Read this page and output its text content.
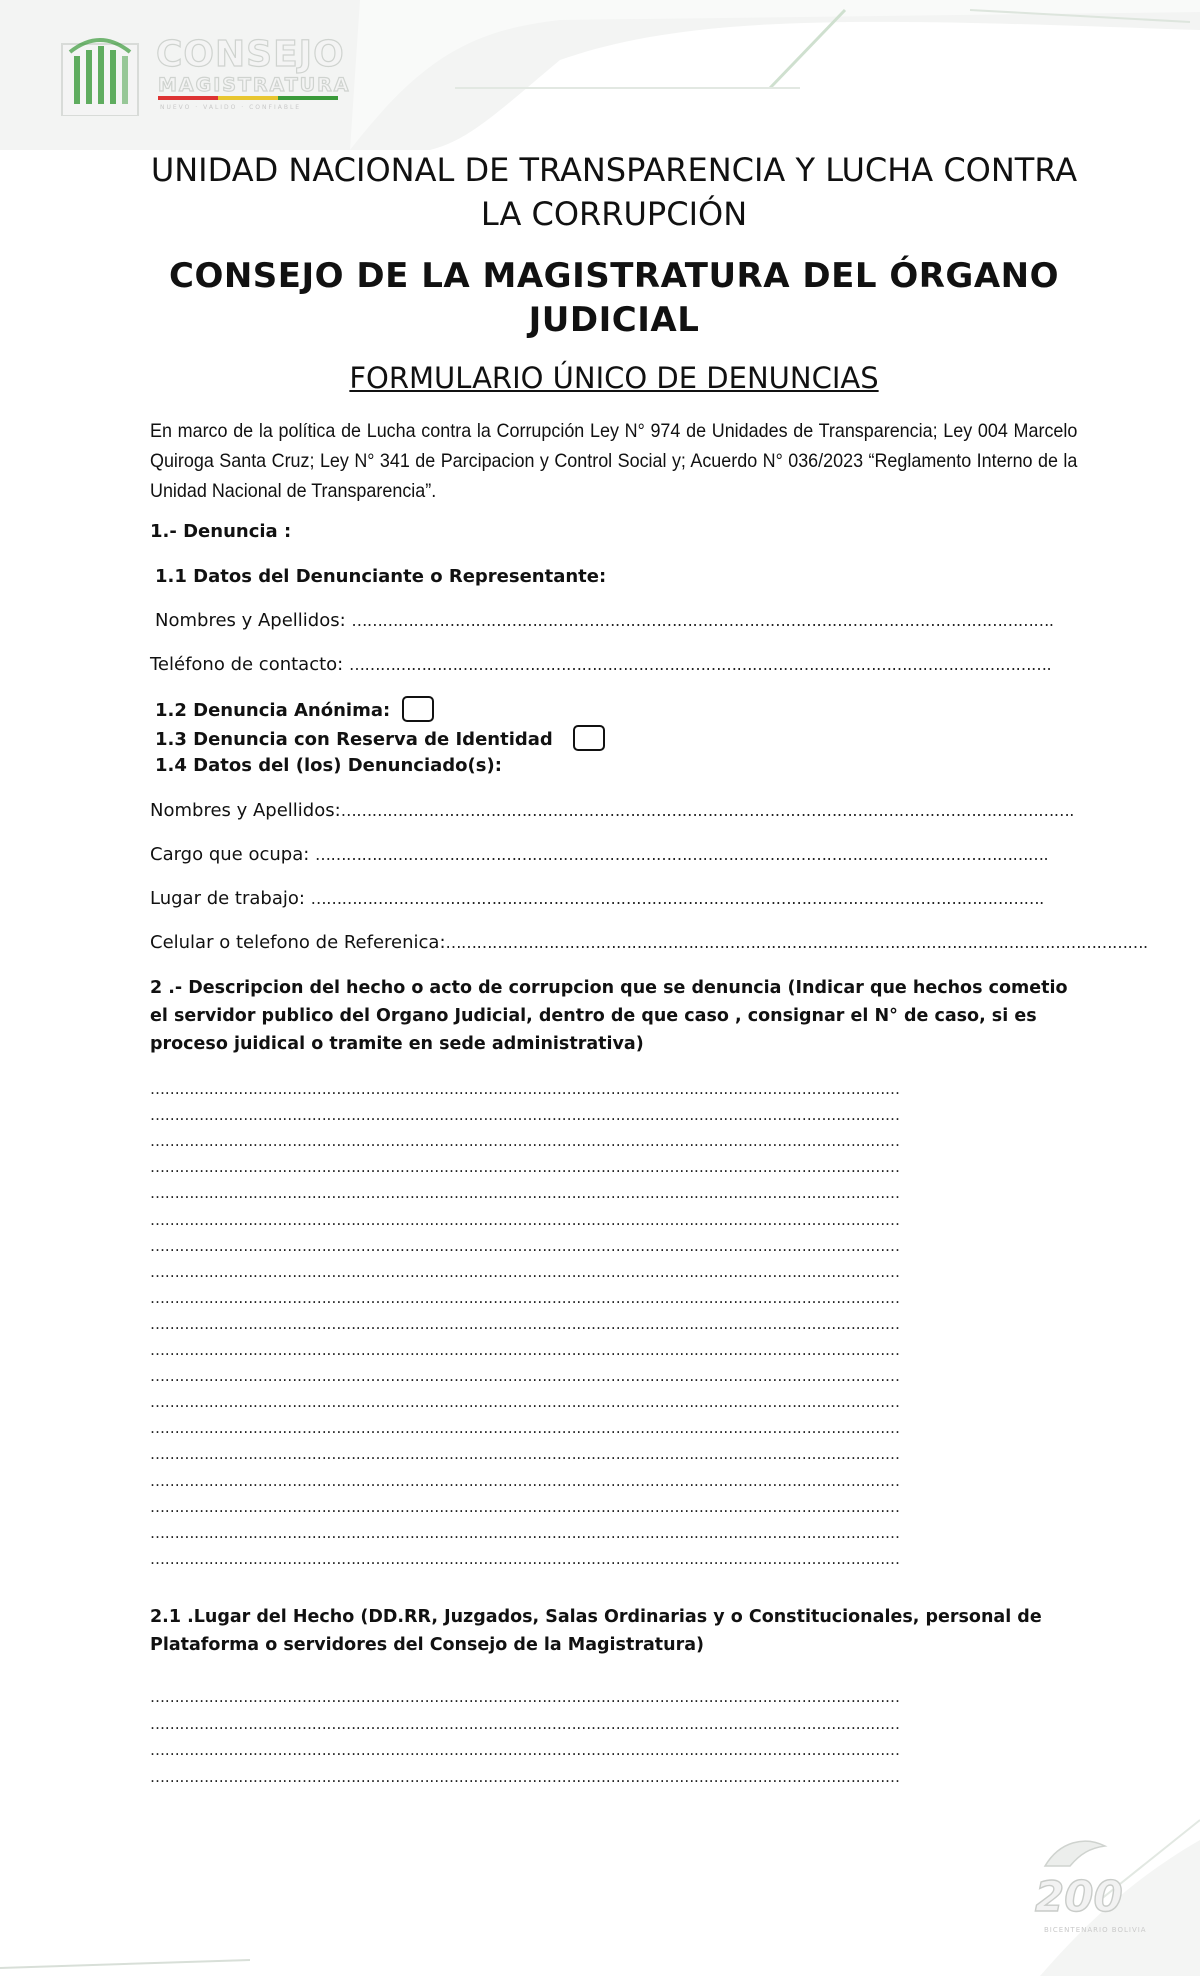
CONSEJO
MAGISTRATURA
NUEVO · VALIDO · CONFIABLE
UNIDAD NACIONAL DE TRANSPARENCIA Y LUCHA CONTRA LA CORRUPCIÓN
CONSEJO DE LA MAGISTRATURA DEL ÓRGANO JUDICIAL
FORMULARIO ÚNICO DE DENUNCIAS

En marco de la política de Lucha contra la Corrupción Ley N° 974 de Unidades de Transparencia; Ley 004 Marcelo Quiroga Santa Cruz; Ley N° 341 de Parcipacion y Control Social y; Acuerdo N° 036/2023 “Reglamento Interno de la Unidad Nacional de Transparencia”.

1.- Denuncia :
1.1 Datos del Denunciante o Representante:
Nombres y Apellidos: ……………………………………………………………………………………………………………………….
Teléfono de contacto: ……………………………………………………………………………………………………………………….
1.2 Denuncia Anónima:
1.3 Denuncia con Reserva de Identidad
1.4 Datos del (los) Denunciado(s):
Nombres y Apellidos:…………………………………………………………………………………………………………………………….
Cargo que ocupa: …………………………………………………………………………………………………………………………….
Lugar de trabajo: …………………………………………………………………………………………………………………………….
Celular o telefono de Referenica:……………………………………………………………………………………………………………………….
2 .- Descripcion del hecho o acto de corrupcion que se denuncia (Indicar que hechos cometio el servidor publico del Organo Judicial, dentro de que caso , consignar el N° de caso, si es proceso juidical o tramite en sede administrativa)
………………………………………………………………………………………………………………………………………
………………………………………………………………………………………………………………………………………
………………………………………………………………………………………………………………………………………
………………………………………………………………………………………………………………………………………
………………………………………………………………………………………………………………………………………
………………………………………………………………………………………………………………………………………
………………………………………………………………………………………………………………………………………
………………………………………………………………………………………………………………………………………
………………………………………………………………………………………………………………………………………
………………………………………………………………………………………………………………………………………
………………………………………………………………………………………………………………………………………
………………………………………………………………………………………………………………………………………
………………………………………………………………………………………………………………………………………
………………………………………………………………………………………………………………………………………
………………………………………………………………………………………………………………………………………
………………………………………………………………………………………………………………………………………
………………………………………………………………………………………………………………………………………
………………………………………………………………………………………………………………………………………
………………………………………………………………………………………………………………………………………
2.1 .Lugar del Hecho (DD.RR, Juzgados, Salas Ordinarias y o Constitucionales, personal de Plataforma o servidores del Consejo de la Magistratura)
………………………………………………………………………………………………………………………………………
………………………………………………………………………………………………………………………………………
………………………………………………………………………………………………………………………………………
………………………………………………………………………………………………………………………………………
200
BICENTENARIO BOLIVIA
